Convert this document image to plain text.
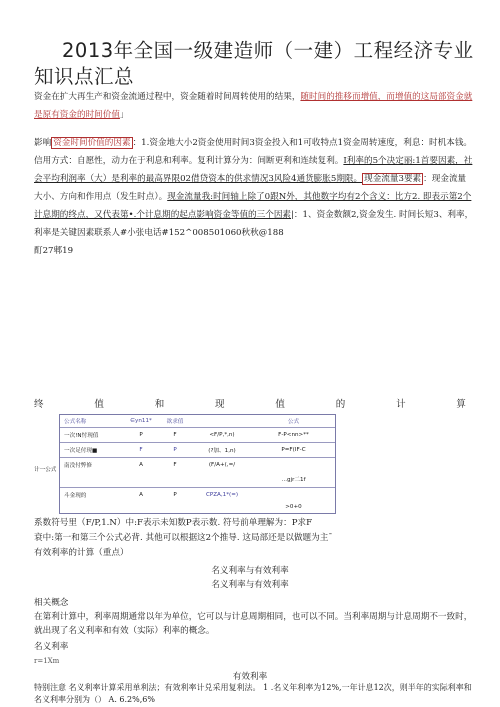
2013年全国一级建造师（一建）工程经济专业知识点汇总
资金在扩大再生产和资金流通过程中，资金随着时间周转使用的结果，随时间的推移而增值，而增值的这局部资金就是原有资金的时间价值」
影响 资金时间价值的因素 ：1.资金地大小2资金使用时间3资金投入和1可收特点1资金周转速度，利息：时机本钱。信用方式：自愿性，动力在于利息和利率。复利计算分为：间断更利和连续复利。I利率的5个决定丽:1首要因素，社会平均利润率（大）是利率的最高界限02借贷资本的供求情况3风险4通货膨胀5期限。 现金流量3要素 ：现金流量大小、方向和作用点（发生时点）。现金流量我:时间轴上除了0跟N外，其他数字均有2个含义：比方2. 即表示第2个计息期的终点，又代表第•.个计息期的起点影响资金等值的三个因素|：1、资金数额2,资金发生. 时间长短3、利率，利率是关键因素联系人#小张电话#152^008501060秋秋@188
酊27郫19
终	值	和	现	值	的	计	算
计一公式
公式名称	∈yn11*	欲求值	公式
一次!N忖现值	P	F	<F/P,*,n)	F-P<nn>**
一次足付现■	F	P	(?加、1,n)	P=F(IF-C
南没付弊修	A	F	(F/A+(,=/
…gjr二1f
斗金现的	A	P	CPZA,1*(=)
>0+0
系数符号里（F/P,1.N）中:F表示未知数P表示数. 符号前单理解为：P求F
衰中:第一和第三个公式必背. 其他可以根据这2个推导. 这局部还是以做题为主¯
有效利率的计算（重点）
名义利率与有效利率
名义利率与有效利率
相关概念
在第利计算中，利率周期通常以年为单位，它可以与计息周期相同，也可以不同。当利率周期与计息周期不一致时，就出现了名义利率和有效（实际）利率的概念。
名义利率
r=1Xm
有效利率
特别注意 名义利率计算采用单利法；有效利率计兑采用复利法。 1 .名义年利率为12%,一年计息12次，则半年的实际利率和名义利率分别为（） A. 6.2%,6%
